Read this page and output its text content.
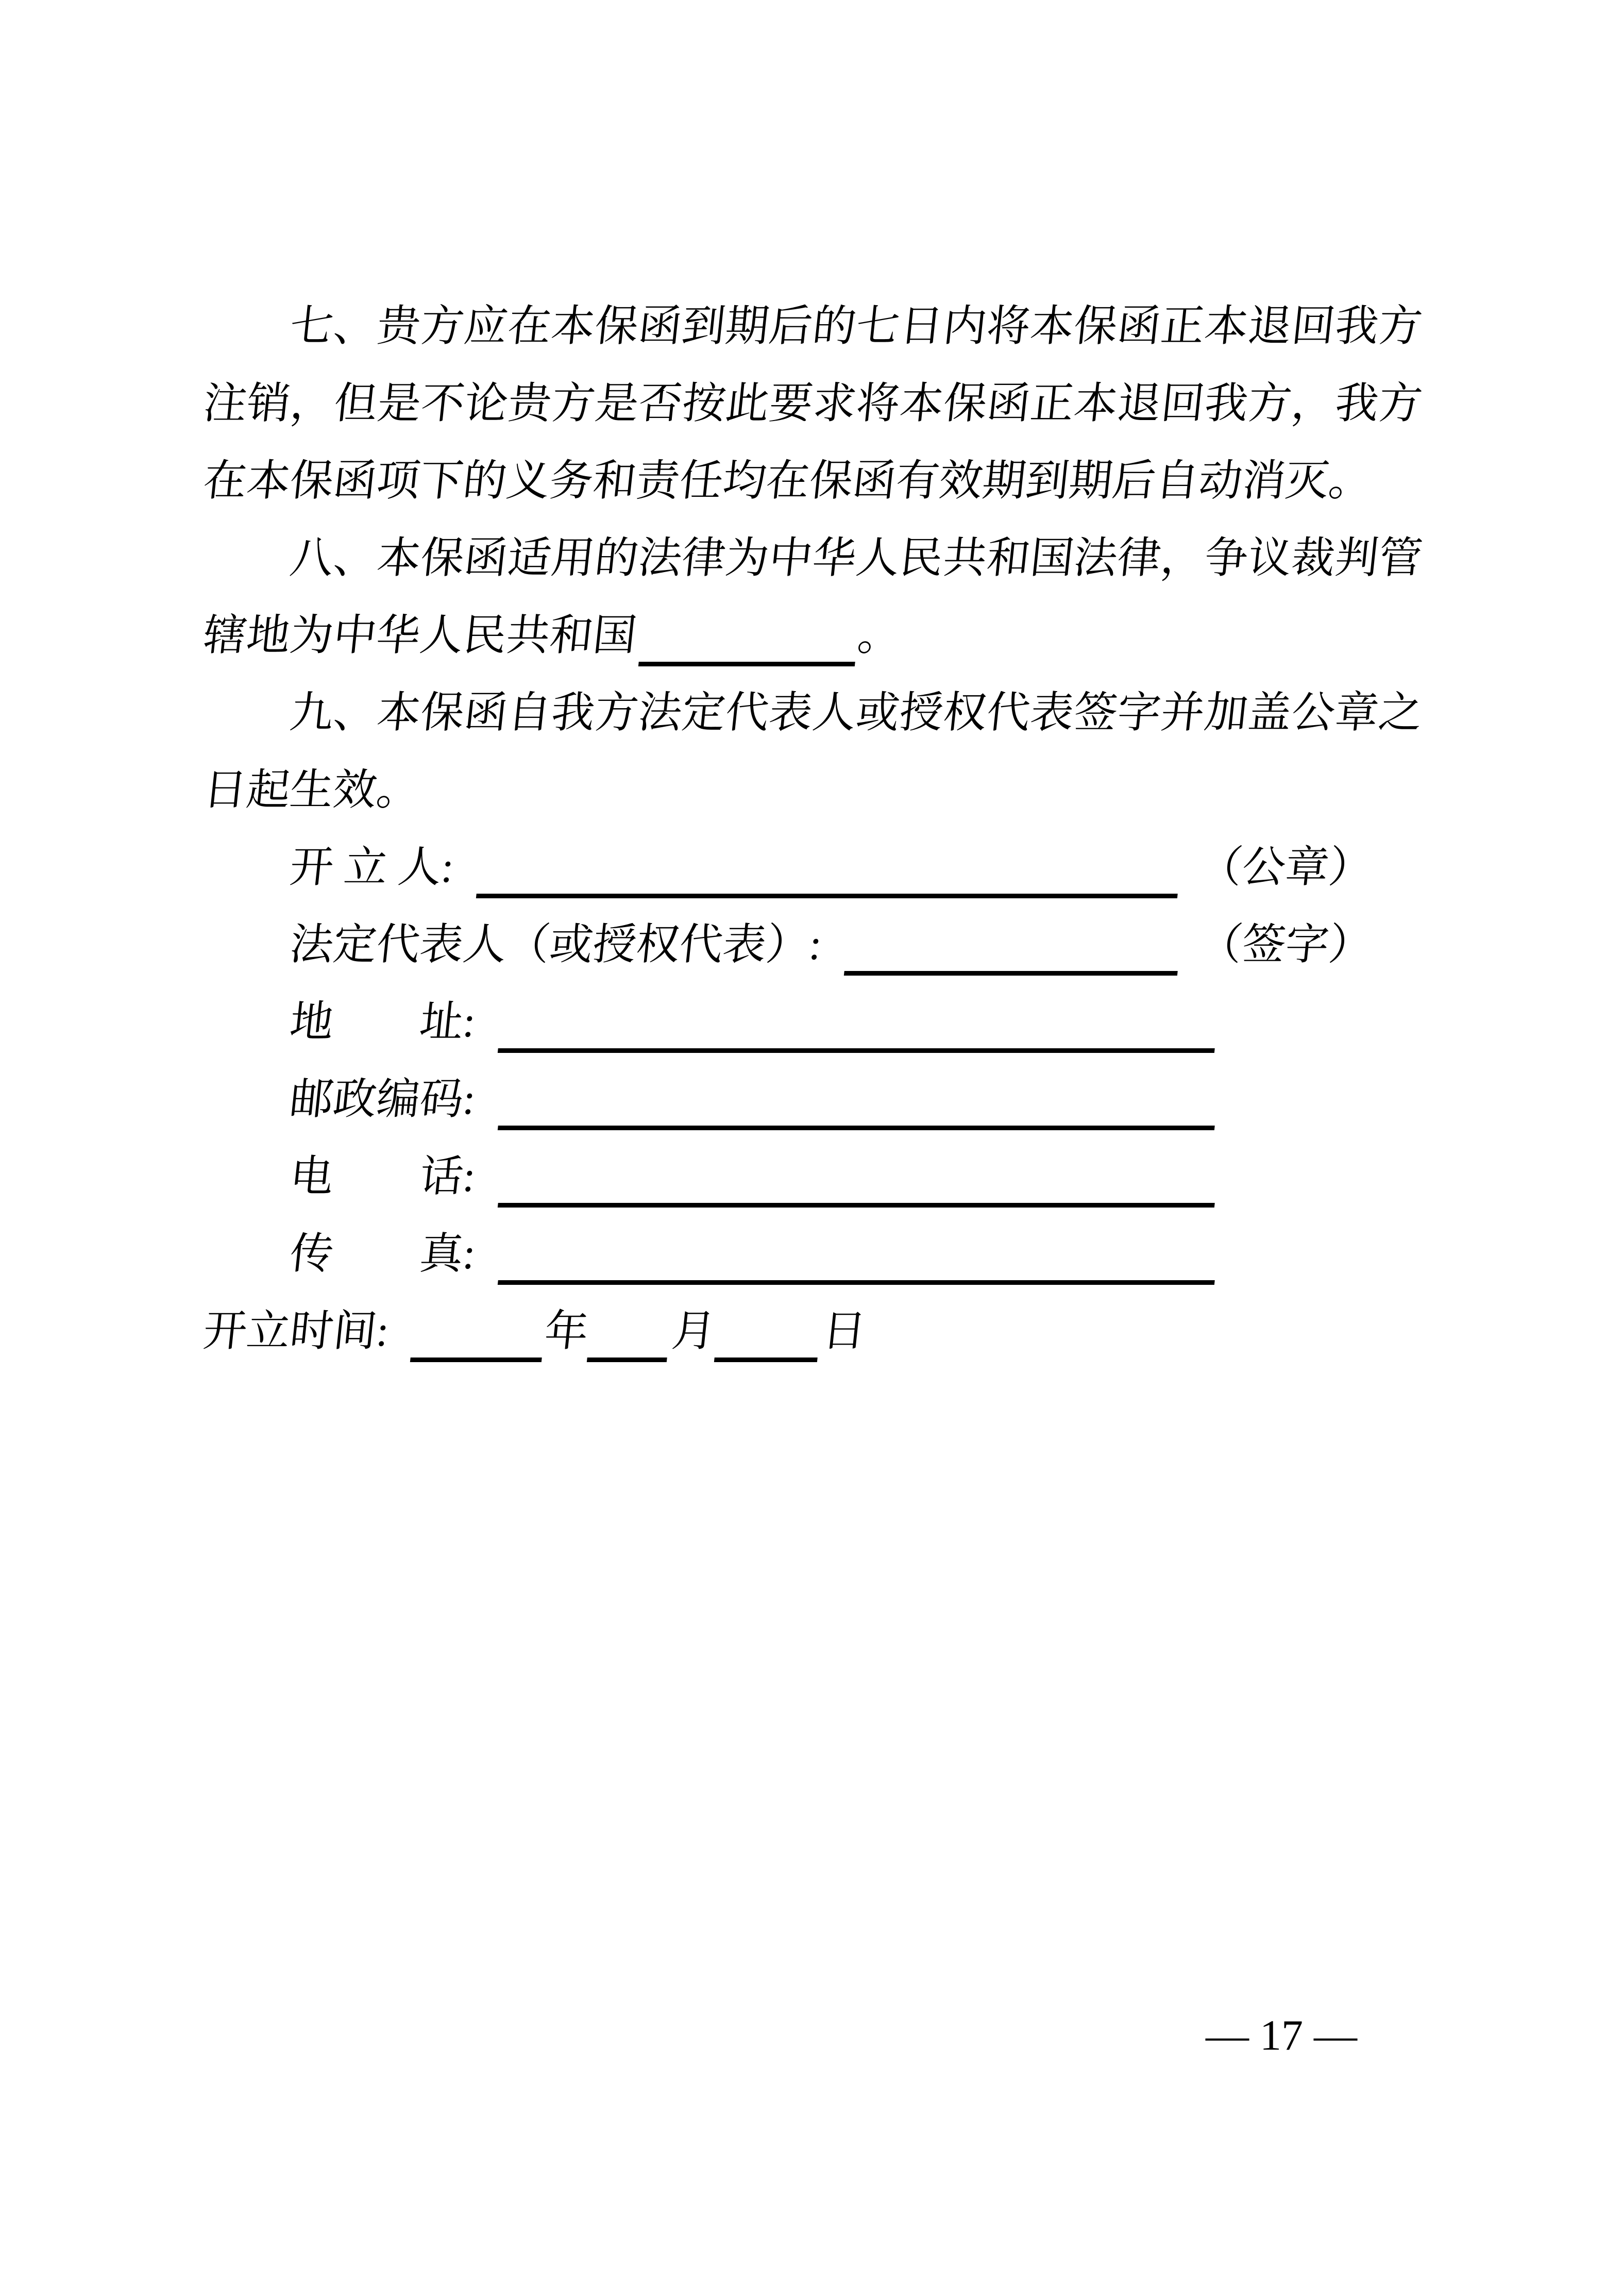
七、贵方应在本保函到期后的七日内将本保函正本退回我方
注销，但是不论贵方是否按此要求将本保函正本退回我方，我方
在本保函项下的义务和责任均在保函有效期到期后自动消灭。
八、本保函适用的法律为中华人民共和国法律，争议裁判管
辖地为中华人民共和国	。
九、本保函自我方法定代表人或授权代表签字并加盖公章之
日起生效。
开 立 人:	（公章）
法定代表人（或授权代表）:	（签字）
地　　址:
邮政编码:
电　　话:
传　　真:
开立时间:	年 月 日
— 17 —
